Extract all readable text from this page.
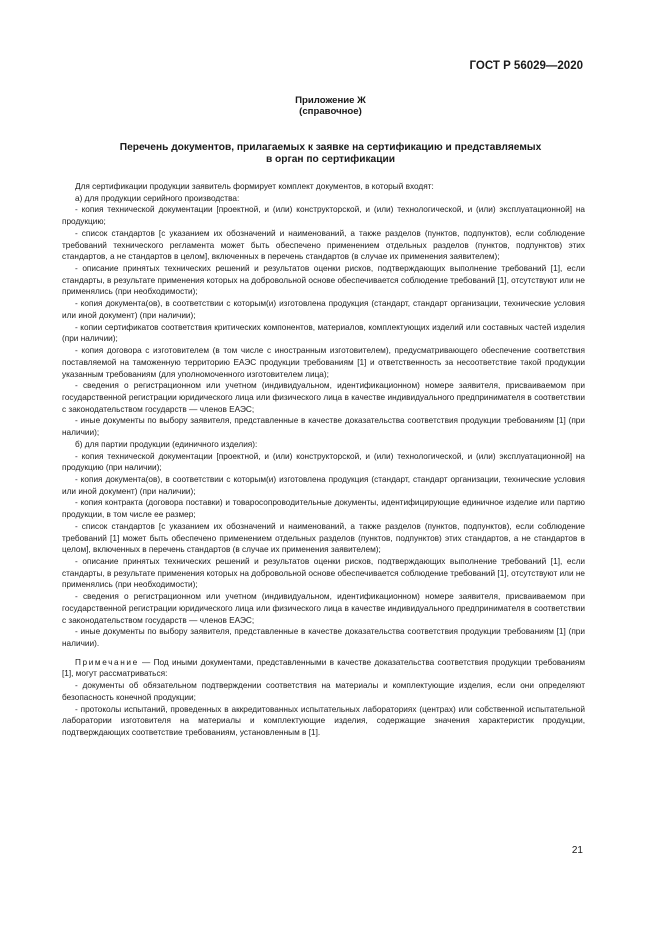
ГОСТ Р 56029—2020
Приложение Ж
(справочное)
Перечень документов, прилагаемых к заявке на сертификацию и представляемых
в орган по сертификации

Для сертификации продукции заявитель формирует комплект документов, в который входят:

а) для продукции серийного производства:

- копия технической документации [проектной, и (или) конструкторской, и (или) технологической, и (или) эксплуатационной] на продукцию;

- список стандартов [с указанием их обозначений и наименований, а также разделов (пунктов, подпунктов), если соблюдение требований технического регламента может быть обеспечено применением отдельных разделов (пунктов, подпунктов) этих стандартов, а не стандартов в целом], включенных в перечень стандартов (в случае их применения заявителем);

- описание принятых технических решений и результатов оценки рисков, подтверждающих выполнение требований [1], если стандарты, в результате применения которых на добровольной основе обеспечивается соблюдение требований [1], отсутствуют или не применялись (при необходимости);

- копия документа(ов), в соответствии с которым(и) изготовлена продукция (стандарт, стандарт организации, технические условия или иной документ) (при наличии);

- копии сертификатов соответствия критических компонентов, материалов, комплектующих изделий или составных частей изделия (при наличии);

- копия договора с изготовителем (в том числе с иностранным изготовителем), предусматривающего обеспечение соответствия поставляемой на таможенную территорию ЕАЭС продукции требованиям [1] и ответственность за несоответствие такой продукции указанным требованиям (для уполномоченного изготовителем лица);

- сведения о регистрационном или учетном (индивидуальном, идентификационном) номере заявителя, присваиваемом при государственной регистрации юридического лица или физического лица в качестве индивидуального предпринимателя в соответствии с законодательством государств — членов ЕАЭС;

- иные документы по выбору заявителя, представленные в качестве доказательства соответствия продукции требованиям [1] (при наличии);

б) для партии продукции (единичного изделия):

- копия технической документации [проектной, и (или) конструкторской, и (или) технологической, и (или) эксплуатационной] на продукцию (при наличии);

- копия документа(ов), в соответствии с которым(и) изготовлена продукция (стандарт, стандарт организации, технические условия или иной документ) (при наличии);

- копия контракта (договора поставки) и товаросопроводительные документы, идентифицирующие единичное изделие или партию продукции, в том числе ее размер;

- список стандартов [с указанием их обозначений и наименований, а также разделов (пунктов, подпунктов), если соблюдение требований [1] может быть обеспечено применением отдельных разделов (пунктов, подпунктов) этих стандартов, а не стандартов в целом], включенных в перечень стандартов (в случае их применения заявителем);

- описание принятых технических решений и результатов оценки рисков, подтверждающих выполнение требований [1], если стандарты, в результате применения которых на добровольной основе обеспечивается соблюдение требований [1], отсутствуют или не применялись (при необходимости);

- сведения о регистрационном или учетном (индивидуальном, идентификационном) номере заявителя, присваиваемом при государственной регистрации юридического лица или физического лица в качестве индивидуального предпринимателя в соответствии с законодательством государств — членов ЕАЭС;

- иные документы по выбору заявителя, представленные в качестве доказательства соответствия продукции требованиям [1] (при наличии).

Примечание — Под иными документами, представленными в качестве доказательства соответствия продукции требованиям [1], могут рассматриваться:

- документы об обязательном подтверждении соответствия на материалы и комплектующие изделия, если они определяют безопасность конечной продукции;

- протоколы испытаний, проведенных в аккредитованных испытательных лабораториях (центрах) или собственной испытательной лаборатории изготовителя на материалы и комплектующие изделия, содержащие значения характеристик продукции, подтверждающих соответствие требованиям, установленным в [1].

21
